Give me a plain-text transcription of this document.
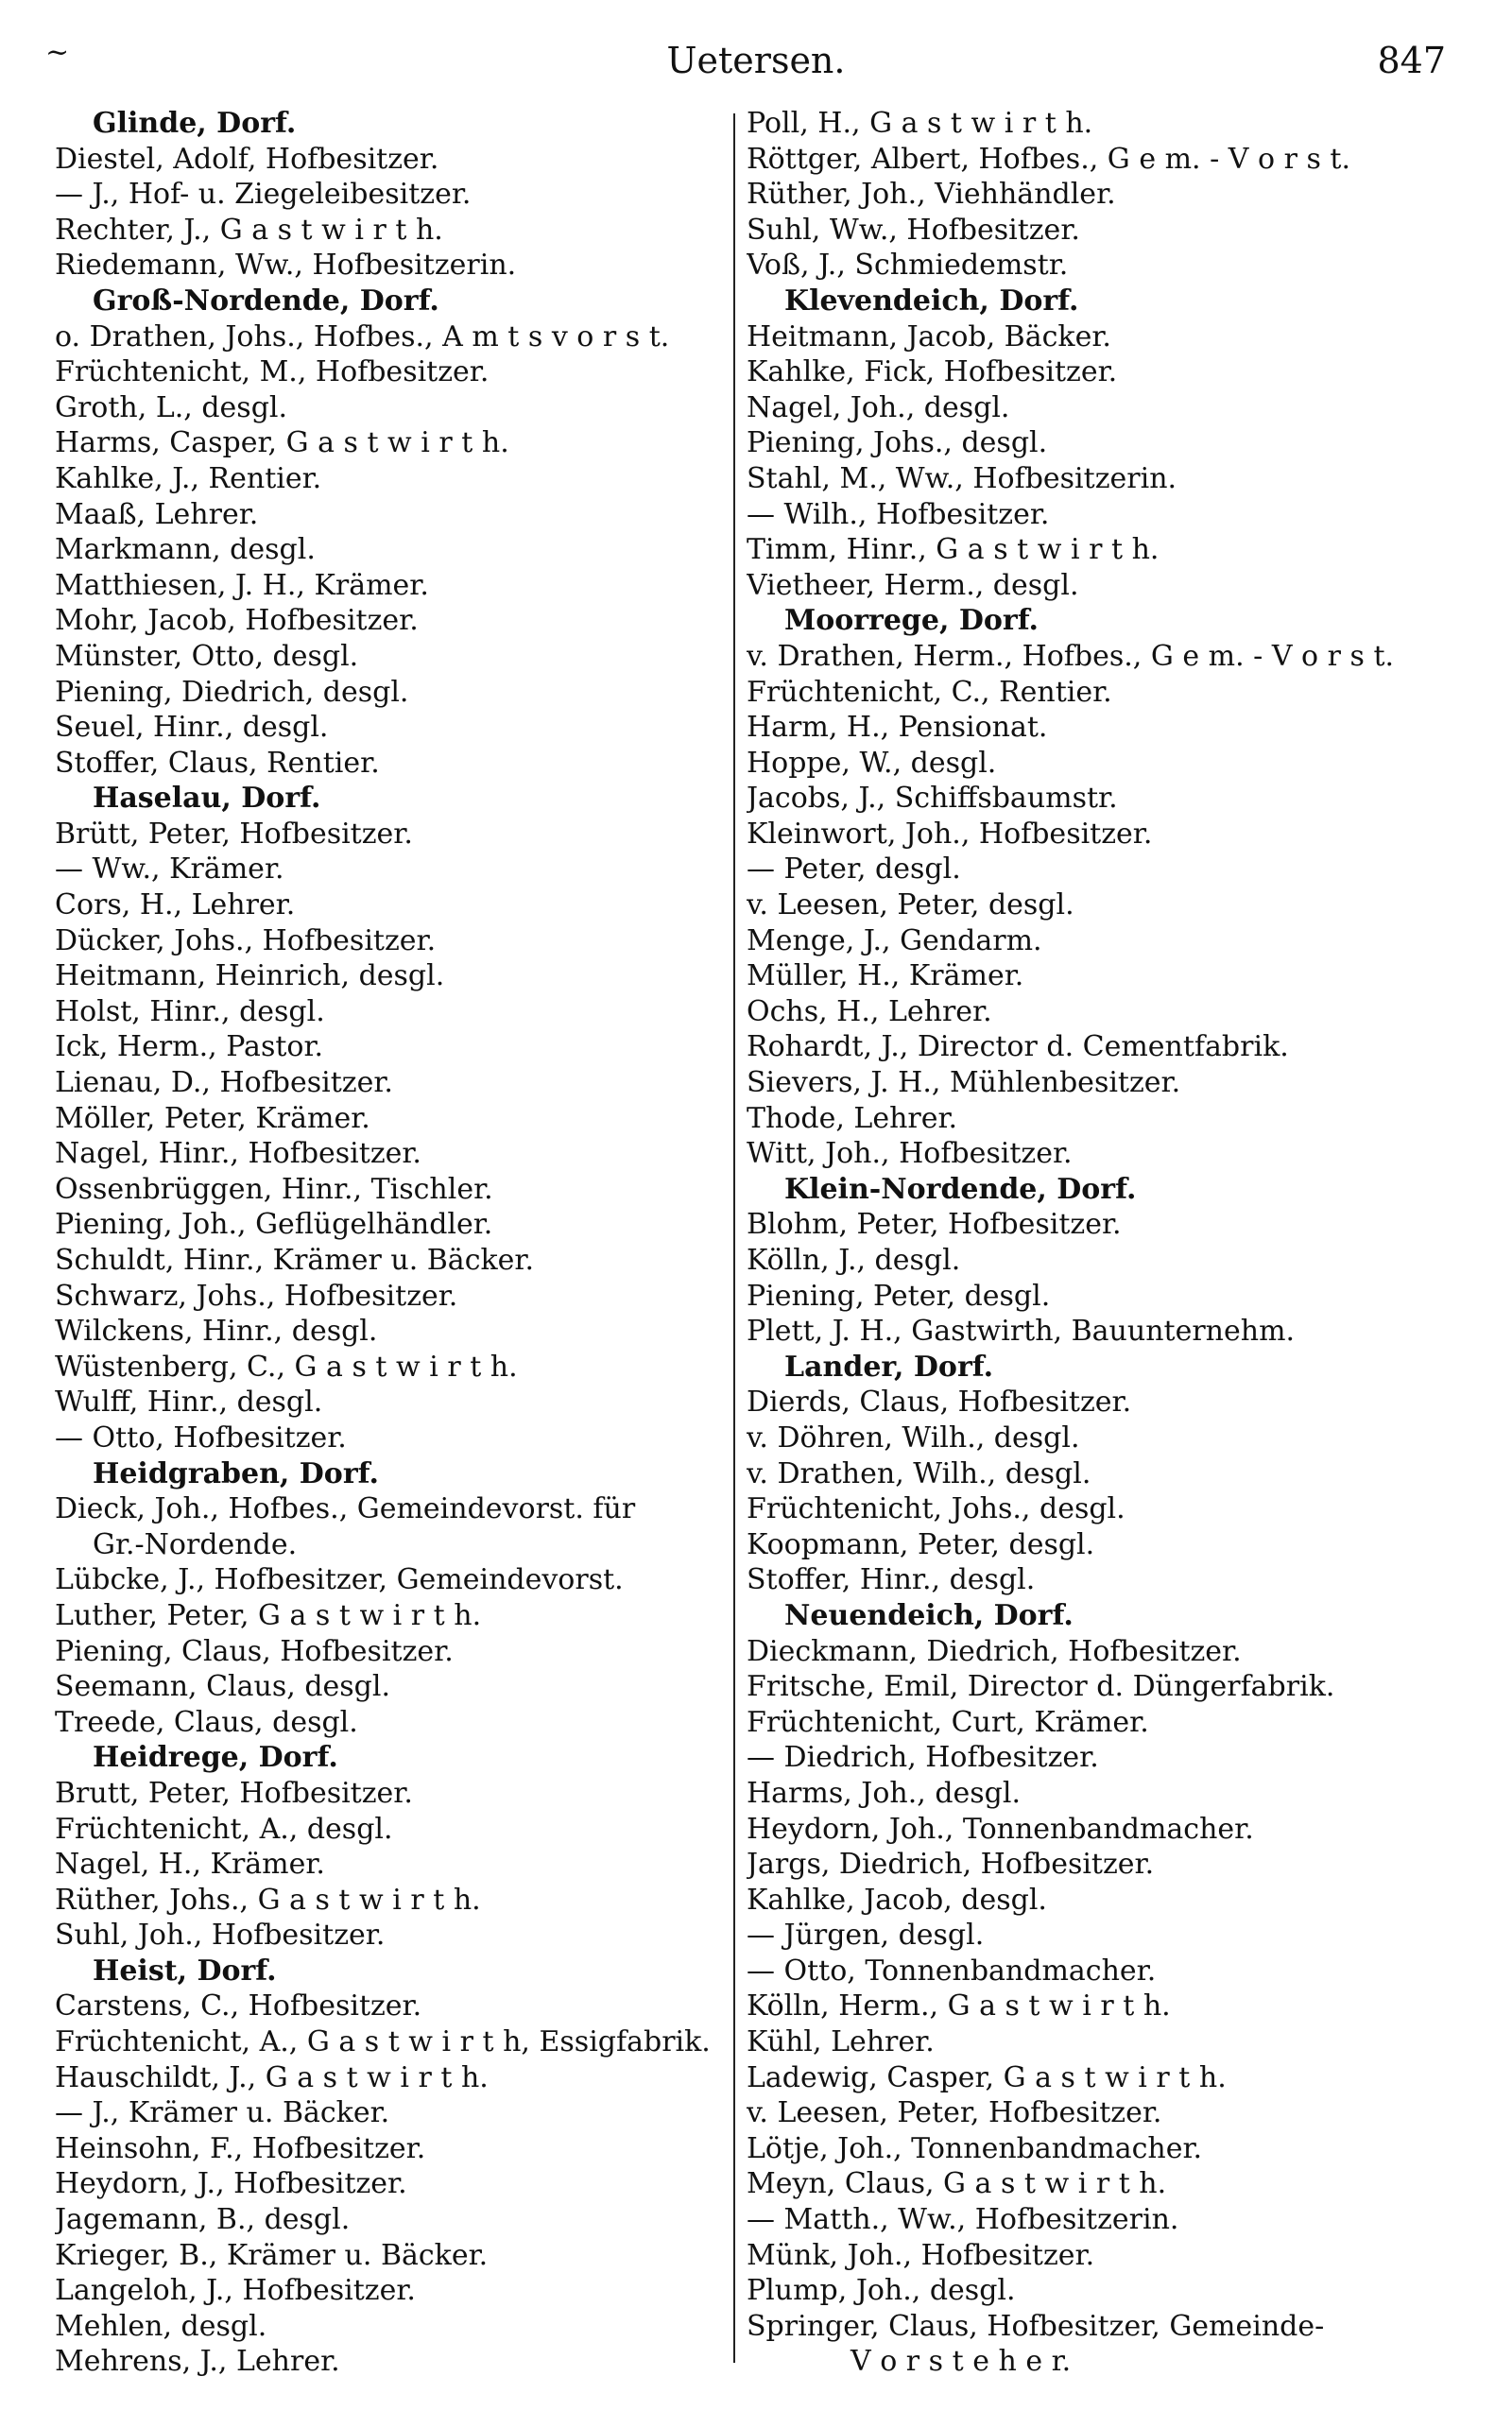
~	Uetersen.	847
Glinde, Dorf.
Diestel, Adolf, Hofbesitzer.
— J., Hof- u. Ziegeleibesitzer.
Rechter, J., G a s t w i r t h.
Riedemann, Ww., Hofbesitzerin.
Groß-Nordende, Dorf.
o. Drathen, Johs., Hofbes., A m t s v o r s t.
Früchtenicht, M., Hofbesitzer.
Groth, L., desgl.
Harms, Casper, G a s t w i r t h.
Kahlke, J., Rentier.
Maaß, Lehrer.
Markmann, desgl.
Matthiesen, J. H., Krämer.
Mohr, Jacob, Hofbesitzer.
Münster, Otto, desgl.
Piening, Diedrich, desgl.
Seuel, Hinr., desgl.
Stoffer, Claus, Rentier.
Haselau, Dorf.
Brütt, Peter, Hofbesitzer.
— Ww., Krämer.
Cors, H., Lehrer.
Dücker, Johs., Hofbesitzer.
Heitmann, Heinrich, desgl.
Holst, Hinr., desgl.
Ick, Herm., Pastor.
Lienau, D., Hofbesitzer.
Möller, Peter, Krämer.
Nagel, Hinr., Hofbesitzer.
Ossenbrüggen, Hinr., Tischler.
Piening, Joh., Geflügelhändler.
Schuldt, Hinr., Krämer u. Bäcker.
Schwarz, Johs., Hofbesitzer.
Wilckens, Hinr., desgl.
Wüstenberg, C., G a s t w i r t h.
Wulff, Hinr., desgl.
— Otto, Hofbesitzer.
Heidgraben, Dorf.
Dieck, Joh., Hofbes., Gemeindevorst. für
Gr.-Nordende.
Lübcke, J., Hofbesitzer, Gemeindevorst.
Luther, Peter, G a s t w i r t h.
Piening, Claus, Hofbesitzer.
Seemann, Claus, desgl.
Treede, Claus, desgl.
Heidrege, Dorf.
Brutt, Peter, Hofbesitzer.
Früchtenicht, A., desgl.
Nagel, H., Krämer.
Rüther, Johs., G a s t w i r t h.
Suhl, Joh., Hofbesitzer.
Heist, Dorf.
Carstens, C., Hofbesitzer.
Früchtenicht, A., G a s t w i r t h, Essigfabrik.
Hauschildt, J., G a s t w i r t h.
— J., Krämer u. Bäcker.
Heinsohn, F., Hofbesitzer.
Heydorn, J., Hofbesitzer.
Jagemann, B., desgl.
Krieger, B., Krämer u. Bäcker.
Langeloh, J., Hofbesitzer.
Mehlen, desgl.
Mehrens, J., Lehrer.
Poll, H., G a s t w i r t h.
Röttger, Albert, Hofbes., G e m. - V o r s t.
Rüther, Joh., Viehhändler.
Suhl, Ww., Hofbesitzer.
Voß, J., Schmiedemstr.
Klevendeich, Dorf.
Heitmann, Jacob, Bäcker.
Kahlke, Fick, Hofbesitzer.
Nagel, Joh., desgl.
Piening, Johs., desgl.
Stahl, M., Ww., Hofbesitzerin.
— Wilh., Hofbesitzer.
Timm, Hinr., G a s t w i r t h.
Vietheer, Herm., desgl.
Moorrege, Dorf.
v. Drathen, Herm., Hofbes., G e m. - V o r s t.
Früchtenicht, C., Rentier.
Harm, H., Pensionat.
Hoppe, W., desgl.
Jacobs, J., Schiffsbaumstr.
Kleinwort, Joh., Hofbesitzer.
— Peter, desgl.
v. Leesen, Peter, desgl.
Menge, J., Gendarm.
Müller, H., Krämer.
Ochs, H., Lehrer.
Rohardt, J., Director d. Cementfabrik.
Sievers, J. H., Mühlenbesitzer.
Thode, Lehrer.
Witt, Joh., Hofbesitzer.
Klein-Nordende, Dorf.
Blohm, Peter, Hofbesitzer.
Kölln, J., desgl.
Piening, Peter, desgl.
Plett, J. H., Gastwirth, Bauunternehm.
Lander, Dorf.
Dierds, Claus, Hofbesitzer.
v. Döhren, Wilh., desgl.
v. Drathen, Wilh., desgl.
Früchtenicht, Johs., desgl.
Koopmann, Peter, desgl.
Stoffer, Hinr., desgl.
Neuendeich, Dorf.
Dieckmann, Diedrich, Hofbesitzer.
Fritsche, Emil, Director d. Düngerfabrik.
Früchtenicht, Curt, Krämer.
— Diedrich, Hofbesitzer.
Harms, Joh., desgl.
Heydorn, Joh., Tonnenbandmacher.
Jargs, Diedrich, Hofbesitzer.
Kahlke, Jacob, desgl.
— Jürgen, desgl.
— Otto, Tonnenbandmacher.
Kölln, Herm., G a s t w i r t h.
Kühl, Lehrer.
Ladewig, Casper, G a s t w i r t h.
v. Leesen, Peter, Hofbesitzer.
Lötje, Joh., Tonnenbandmacher.
Meyn, Claus, G a s t w i r t h.
— Matth., Ww., Hofbesitzerin.
Münk, Joh., Hofbesitzer.
Plump, Joh., desgl.
Springer, Claus, Hofbesitzer, Gemeinde-
V o r s t e h e r.
